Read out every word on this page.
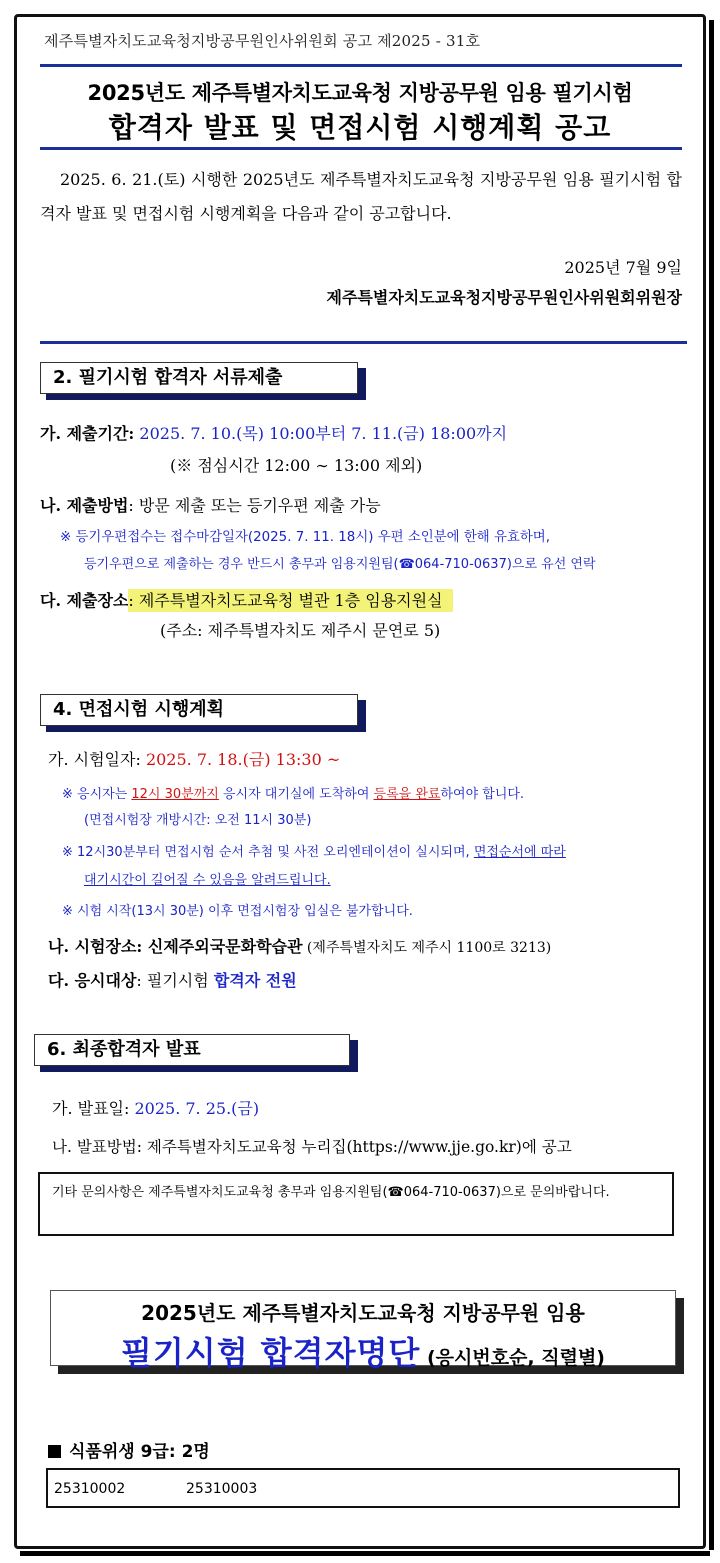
제주특별자치도교육청지방공무원인사위원회 공고 제2025 - 31호
2025년도 제주특별자치도교육청 지방공무원 임용 필기시험
합격자 발표 및 면접시험 시행계획 공고
2025. 6. 21.(토) 시행한 2025년도 제주특별자치도교육청 지방공무원 임용 필기시험 합격자 발표 및 면접시험 시행계획을 다음과 같이 공고합니다.
2025년 7월 9일
제주특별자치도교육청지방공무원인사위원회위원장
2. 필기시험 합격자 서류제출
가. 제출기간: 2025. 7. 10.(목) 10:00부터 7. 11.(금) 18:00까지
(※ 점심시간 12:00 ∼ 13:00 제외)
나. 제출방법: 방문 제출 또는 등기우편 제출 가능
※ 등기우편접수는 접수마감일자(2025. 7. 11. 18시) 우편 소인분에 한해 유효하며,
등기우편으로 제출하는 경우 반드시 총무과 임용지원팀(☎064-710-0637)으로 유선 연락
다. 제출장소: 제주특별자치도교육청 별관 1층 임용지원실
(주소: 제주특별자치도 제주시 문연로 5)
4. 면접시험 시행계획
가. 시험일자: 2025. 7. 18.(금) 13:30 ~
※ 응시자는 12시 30분까지 응시자 대기실에 도착하여 등록을 완료하여야 합니다.
(면접시험장 개방시간: 오전 11시 30분)
※ 12시30분부터 면접시험 순서 추첨 및 사전 오리엔테이션이 실시되며, 면접순서에 따라
대기시간이 길어질 수 있음을 알려드립니다.
※ 시험 시작(13시 30분) 이후 면접시험장 입실은 불가합니다.
나. 시험장소: 신제주외국문화학습관 (제주특별자치도 제주시 1100로 3213)
다. 응시대상: 필기시험 합격자 전원
6. 최종합격자 발표
가. 발표일: 2025. 7. 25.(금)
나. 발표방법: 제주특별자치도교육청 누리집(https://www.jje.go.kr)에 공고
기타 문의사항은 제주특별자치도교육청 총무과 임용지원팀(☎064-710-0637)으로 문의바랍니다.
2025년도 제주특별자치도교육청 지방공무원 임용
필기시험 합격자명단 (응시번호순, 직렬별)
식품위생 9급: 2명
25310002	25310003
